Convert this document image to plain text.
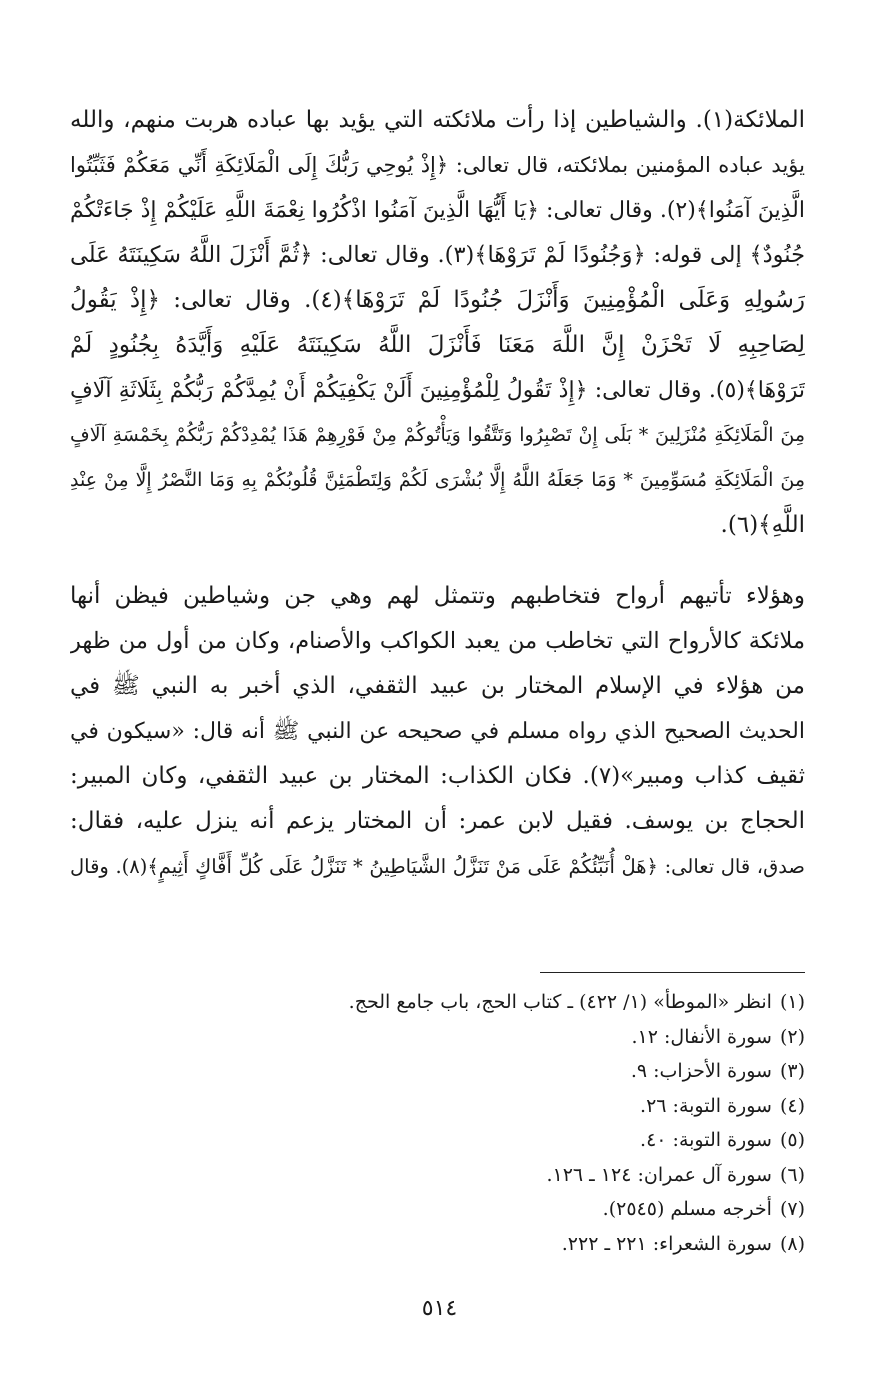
الملائكة(١). والشياطين إذا رأت ملائكته التي يؤيد بها عباده هربت منهم، والله
يؤيد عباده المؤمنين بملائكته، قال تعالى: ﴿إِذْ يُوحِي رَبُّكَ إِلَى الْمَلَائِكَةِ أَنِّي مَعَكُمْ فَثَبِّتُوا
الَّذِينَ آمَنُوا﴾(٢). وقال تعالى: ﴿يَا أَيُّهَا الَّذِينَ آمَنُوا اذْكُرُوا نِعْمَةَ اللَّهِ عَلَيْكُمْ إِذْ جَاءَتْكُمْ
جُنُودٌ﴾ إلى قوله: ﴿وَجُنُودًا لَمْ تَرَوْهَا﴾(٣). وقال تعالى: ﴿ثُمَّ أَنْزَلَ اللَّهُ سَكِينَتَهُ عَلَى
رَسُولِهِ وَعَلَى الْمُؤْمِنِينَ وَأَنْزَلَ جُنُودًا لَمْ تَرَوْهَا﴾(٤). وقال تعالى: ﴿إِذْ يَقُولُ
لِصَاحِبِهِ لَا تَحْزَنْ إِنَّ اللَّهَ مَعَنَا فَأَنْزَلَ اللَّهُ سَكِينَتَهُ عَلَيْهِ وَأَيَّدَهُ بِجُنُودٍ لَمْ
تَرَوْهَا﴾(٥). وقال تعالى: ﴿إِذْ تَقُولُ لِلْمُؤْمِنِينَ أَلَنْ يَكْفِيَكُمْ أَنْ يُمِدَّكُمْ رَبُّكُمْ بِثَلَاثَةِ آلَافٍ
مِنَ الْمَلَائِكَةِ مُنْزَلِينَ * بَلَى إِنْ تَصْبِرُوا وَتَتَّقُوا وَيَأْتُوكُمْ مِنْ فَوْرِهِمْ هَذَا يُمْدِدْكُمْ رَبُّكُمْ بِخَمْسَةِ آلَافٍ
مِنَ الْمَلَائِكَةِ مُسَوِّمِينَ * وَمَا جَعَلَهُ اللَّهُ إِلَّا بُشْرَى لَكُمْ وَلِتَطْمَئِنَّ قُلُوبُكُمْ بِهِ وَمَا النَّصْرُ إِلَّا مِنْ عِنْدِ
اللَّهِ﴾(٦).

وهؤلاء تأتيهم أرواح فتخاطبهم وتتمثل لهم وهي جن وشياطين فيظن أنها
ملائكة كالأرواح التي تخاطب من يعبد الكواكب والأصنام، وكان من أول من ظهر
من هؤلاء في الإسلام المختار بن عبيد الثقفي، الذي أخبر به النبي ﷺ في
الحديث الصحيح الذي رواه مسلم في صحيحه عن النبي ﷺ أنه قال: «سيكون في
ثقيف كذاب ومبير»(٧). فكان الكذاب: المختار بن عبيد الثقفي، وكان المبير:
الحجاج بن يوسف. فقيل لابن عمر: أن المختار يزعم أنه ينزل عليه، فقال:
صدق، قال تعالى: ﴿هَلْ أُنَبِّئُكُمْ عَلَى مَنْ تَنَزَّلُ الشَّيَاطِينُ * تَنَزَّلُ عَلَى كُلِّ أَفَّاكٍ أَثِيمٍ﴾(٨). وقال

(١)انظر «الموطأ» (١/ ٤٢٢) ـ كتاب الحج، باب جامع الحج.
(٢)سورة الأنفال: ١٢.
(٣)سورة الأحزاب: ٩.
(٤)سورة التوبة: ٢٦.
(٥)سورة التوبة: ٤٠.
(٦)سورة آل عمران: ١٢٤ ـ ١٢٦.
(٧)أخرجه مسلم (٢٥٤٥).
(٨)سورة الشعراء: ٢٢١ ـ ٢٢٢.
٥١٤
